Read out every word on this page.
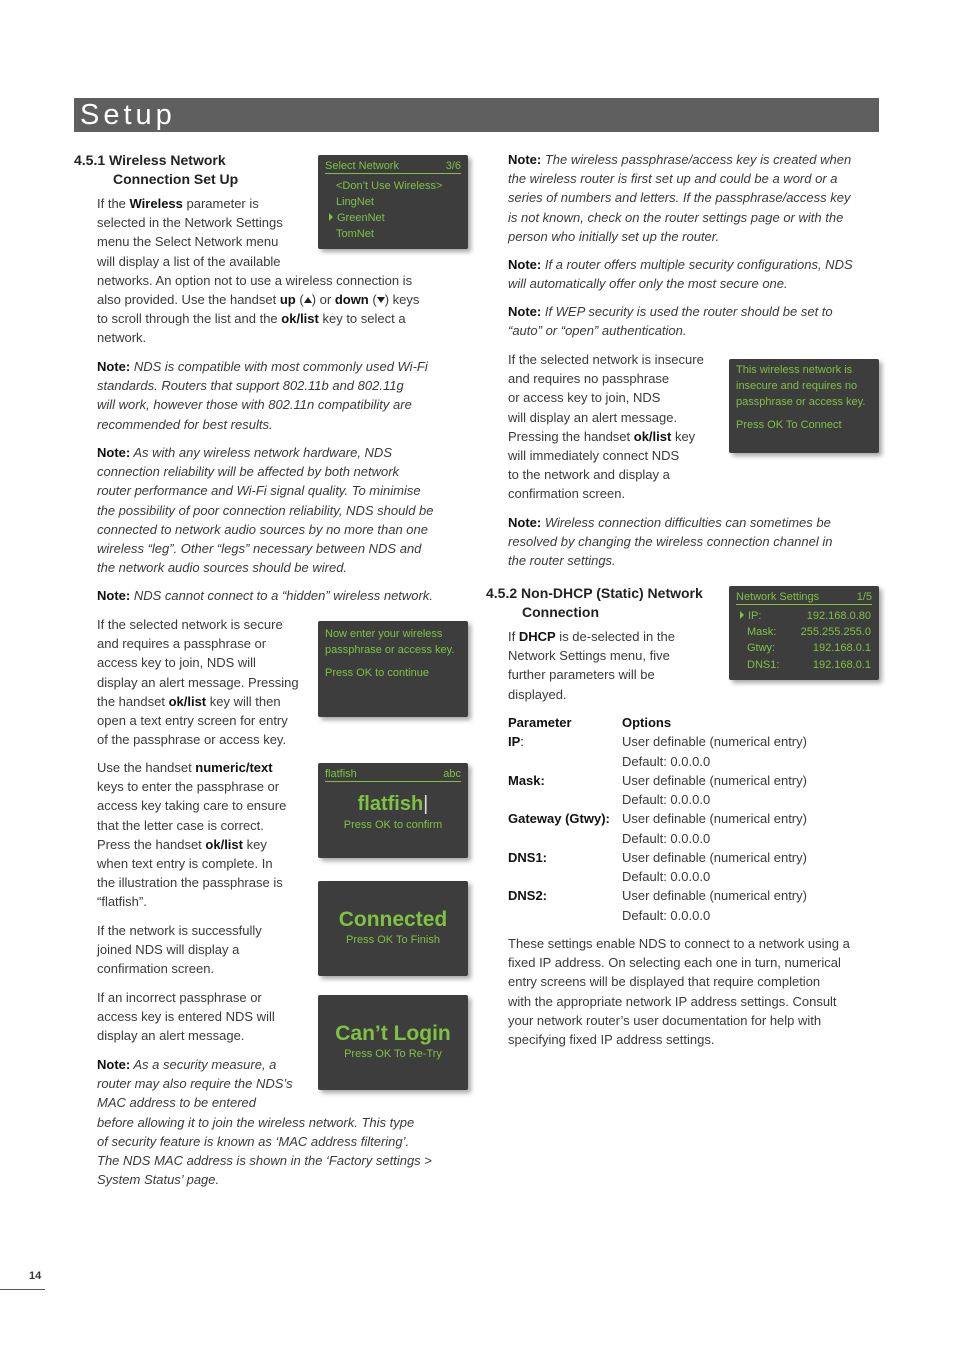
Setup
4.5.1 Wireless Network
Connection Set Up
If the Wireless parameter is
selected in the Network Settings
menu the Select Network menu
will display a list of the available
networks. An option not to use a wireless connection is
also provided. Use the handset up ( ) or down ( ) keys
to scroll through the list and the ok/list key to select a
network.
Note: NDS is compatible with most commonly used Wi-Fi
standards. Routers that support 802.11b and 802.11g
will work, however those with 802.11n compatibility are
recommended for best results.
Note: As with any wireless network hardware, NDS
connection reliability will be affected by both network
router performance and Wi-Fi signal quality. To minimise
the possibility of poor connection reliability, NDS should be
connected to network audio sources by no more than one
wireless “leg”. Other “legs” necessary between NDS and
the network audio sources should be wired.
Note: NDS cannot connect to a “hidden” wireless network.
If the selected network is secure
and requires a passphrase or
access key to join, NDS will
display an alert message. Pressing
the handset ok/list key will then
open a text entry screen for entry
of the passphrase or access key.
Use the handset numeric/text
keys to enter the passphrase or
access key taking care to ensure
that the letter case is correct.
Press the handset ok/list key
when text entry is complete. In
the illustration the passphrase is
“flatfish”.
If the network is successfully
joined NDS will display a
confirmation screen.
If an incorrect passphrase or
access key is entered NDS will
display an alert message.
Note: As a security measure, a
router may also require the NDS’s
MAC address to be entered
before allowing it to join the wireless network. This type
of security feature is known as ‘MAC address filtering’.
The NDS MAC address is shown in the ‘Factory settings >
System Status’ page.
Select Network	3/6
<Don’t Use Wireless>
LingNet
GreenNet
TomNet
Now enter your wireless
passphrase or access key.
Press OK to continue
flatfish	abc
flatfish|
Press OK to confirm
Connected
Press OK To Finish
Can’t Login
Press OK To Re-Try
Note: The wireless passphrase/access key is created when
the wireless router is first set up and could be a word or a
series of numbers and letters. If the passphrase/access key
is not known, check on the router settings page or with the
person who initially set up the router.
Note: If a router offers multiple security configurations, NDS
will automatically offer only the most secure one.
Note: If WEP security is used the router should be set to
“auto” or “open” authentication.
If the selected network is insecure
and requires no passphrase
or access key to join, NDS
will display an alert message.
Pressing the handset ok/list key
will immediately connect NDS
to the network and display a
confirmation screen.
This wireless network is
insecure and requires no
passphrase or access key.
Press OK To Connect
Note: Wireless connection difficulties can sometimes be
resolved by changing the wireless connection channel in
the router settings.
4.5.2 Non-DHCP (Static) Network
Connection
If DHCP is de-selected in the
Network Settings menu, five
further parameters will be
displayed.
Network Settings	1/5
IP:	192.168.0.80
Mask: 255.255.255.0
Gtwy:	192.168.0.1
DNS1:	192.168.0.1
Parameter	Options
IP:	User definable (numerical entry)
Default: 0.0.0.0
Mask:	User definable (numerical entry)
Default: 0.0.0.0
Gateway (Gtwy): User definable (numerical entry)
Default: 0.0.0.0
DNS1:	User definable (numerical entry)
Default: 0.0.0.0
DNS2:	User definable (numerical entry)
Default: 0.0.0.0
These settings enable NDS to connect to a network using a
fixed IP address. On selecting each one in turn, numerical
entry screens will be displayed that require completion
with the appropriate network IP address settings. Consult
your network router’s user documentation for help with
specifying fixed IP address settings.
14
